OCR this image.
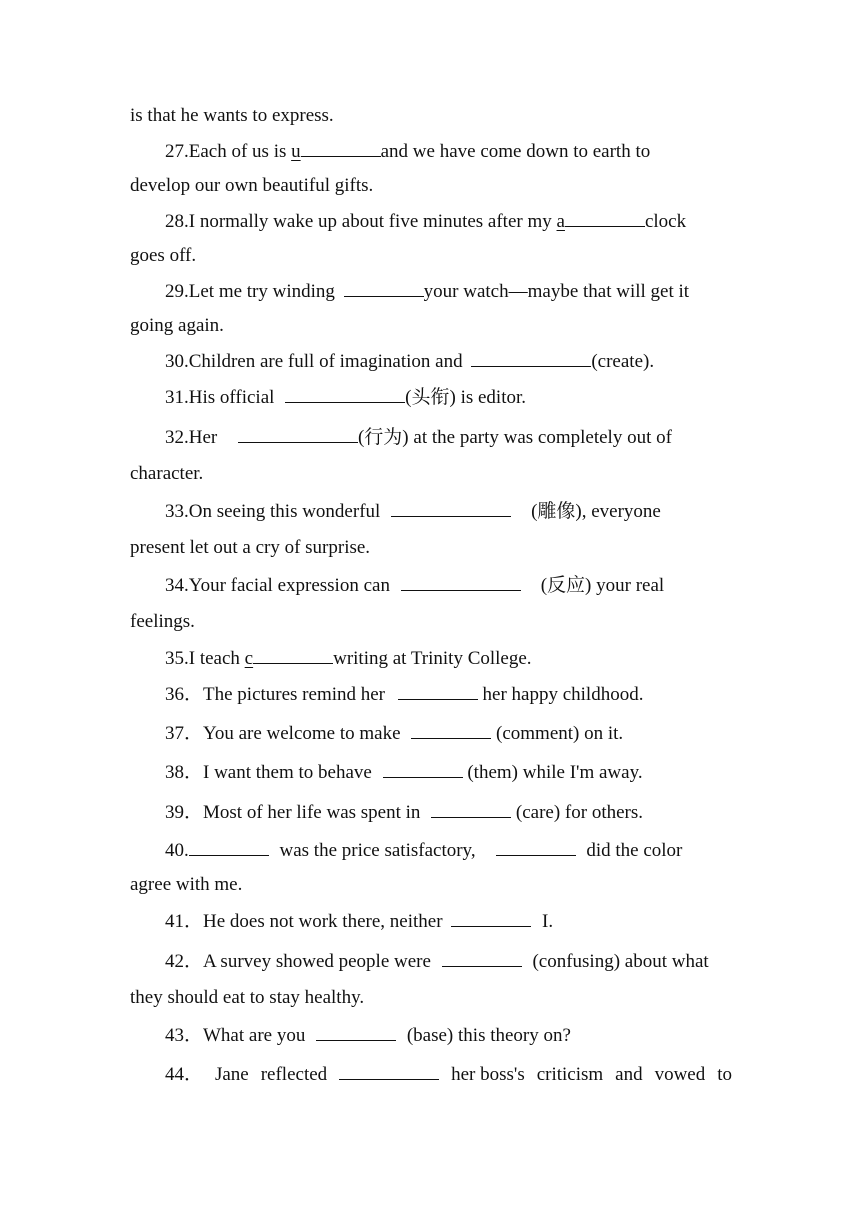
is that he wants to express.
27.Each of us is u	and we have come down to earth to
develop our own beautiful gifts.
28.I normally wake up about five minutes after my a	clock
goes off.
29.Let me try winding	your watch—maybe that will get it
going again.
30.Children are full of imagination and	(create).
31.His official	(头衔) is editor.
32.Her	(行为) at the party was completely out of
character.
33.On seeing this wonderful	(雕像), everyone
present let out a cry of surprise.
34.Your facial expression can	(反应) your real
feelings.
35.I teach c	writing at Trinity College.
36．The pictures remind her	her happy childhood.
37．You are welcome to make	(comment) on it.
38．I want them to behave	(them) while I'm away.
39．Most of her life was spent in	(care) for others.
40.	was the price satisfactory,	did the color
agree with me.
41．He does not work there, neither	I.
42．A survey showed people were	(confusing) about what
they should eat to stay healthy.
43．What are you	(base) this theory on?
44． Jane reflected	her boss's criticism and vowed to
